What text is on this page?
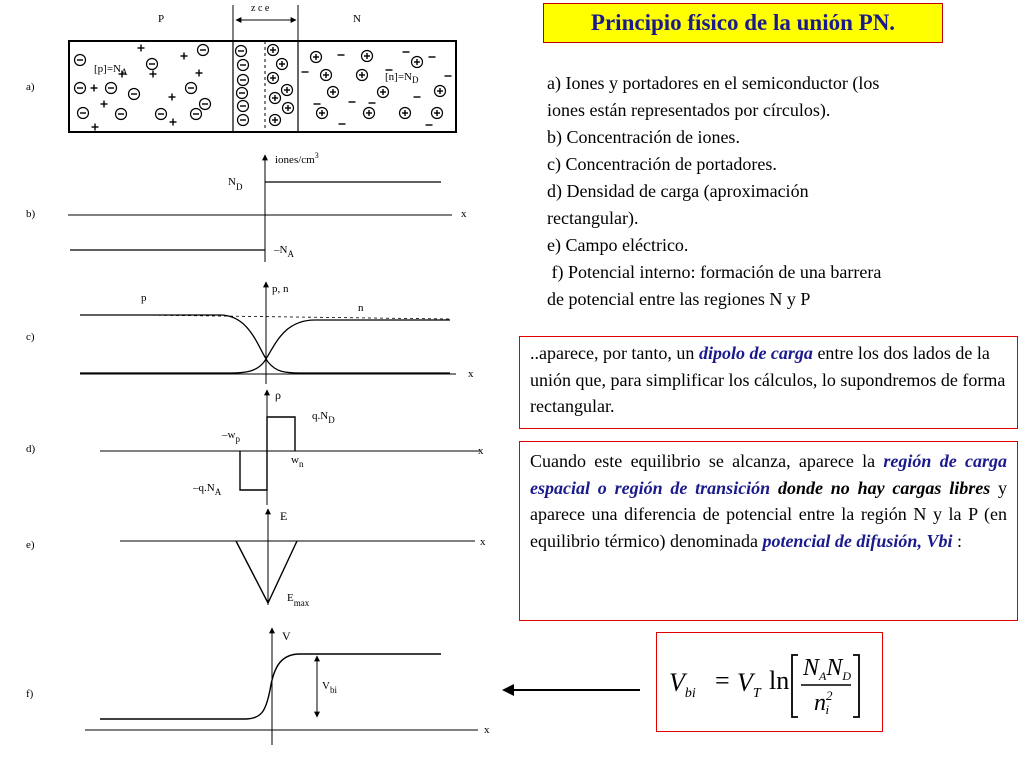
a)
P	N
z c e
$[p]=N_A$	$[n]=N_D$
b)
iones/$cm^3$
$N_D$
$-N_A$
x
c)
p, n
p
n
x
d)
ρ
$q.N_D$
$-w_p$
$w_n$
$-q.N_A$
x
e)
E
$E_{max}$
x
f)
V
$V_{bi}$
x
Principio físico de la unión PN.
a) Iones y portadores en el semiconductor (los
iones están representados por círculos).
b) Concentración de iones.
c) Concentración de portadores.
d) Densidad de carga (aproximación
rectangular).
e) Campo eléctrico.
f) Potencial interno: formación de una barrera
de potencial entre las regiones N y P
..aparece, por tanto, un dipolo de carga entre los dos lados de la unión que, para simplificar los cálculos, lo supondremos de forma rectangular.
Cuando este equilibrio se alcanza, aparece la región de carga espacial o región de transición donde no hay cargas libres y aparece una diferencia de potencial entre la región N y la P (en equilibrio térmico) denominada potencial de difusión, Vbi :
$V_{bi} = V_T$ $\ln N_AN_D$
$n^2$ i
